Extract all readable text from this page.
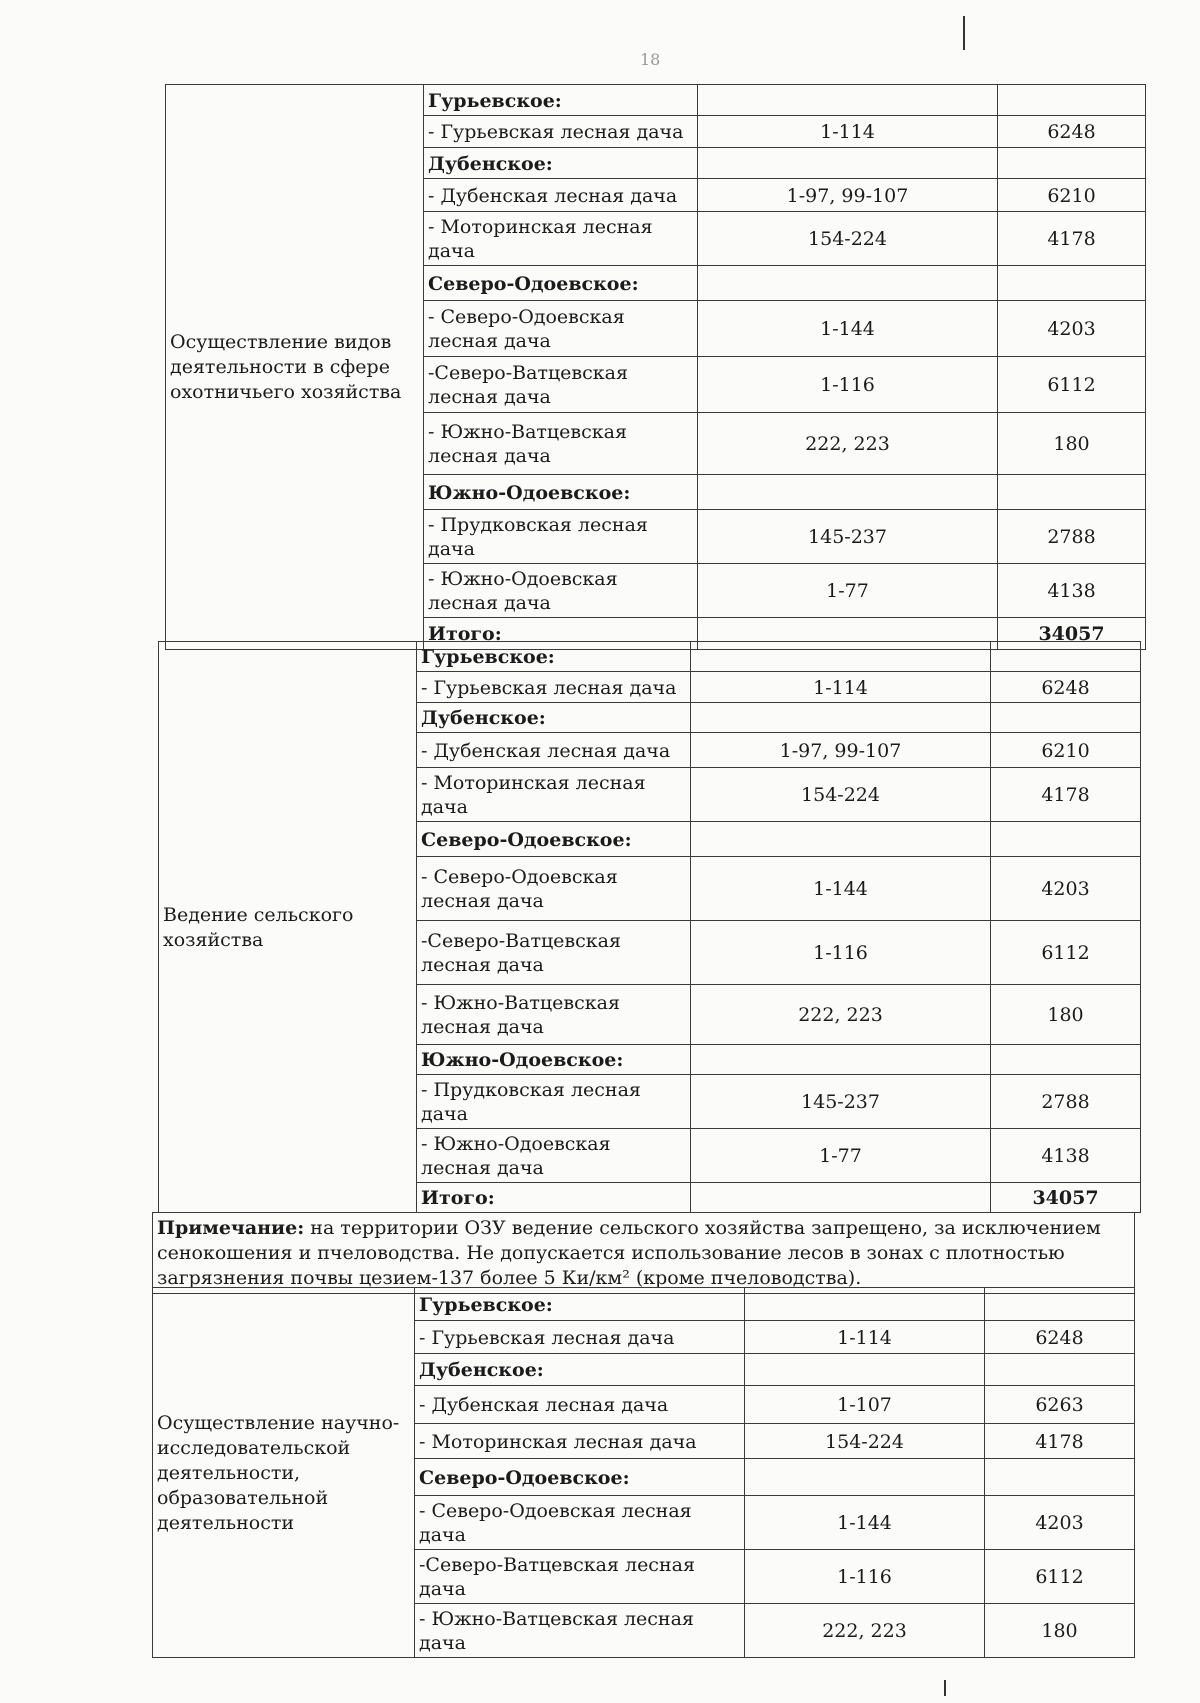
18
Осуществление видов деятельности в сфере охотничьего хозяйства	Гурьевское:		
	- Гурьевская лесная дача	1-114	6248
	Дубенское:		
	- Дубенская лесная дача	1-97, 99-107	6210
	- Моторинская лесная дача	154-224	4178
	Северо-Одоевское:		
	- Северо-Одоевская лесная дача	1-144	4203
	-Северо-Ватцевская лесная дача	1-116	6112
	- Южно-Ватцевская лесная дача	222, 223	180
	Южно-Одоевское:		
	- Прудковская лесная дача	145-237	2788
	- Южно-Одоевская лесная дача	1-77	4138
	Итого:		34057
Ведение сельского хозяйства	Гурьевское:		
	- Гурьевская лесная дача	1-114	6248
	Дубенское:		
	- Дубенская лесная дача	1-97, 99-107	6210
	- Моторинская лесная дача	154-224	4178
	Северо-Одоевское:		
	- Северо-Одоевская лесная дача	1-144	4203
	-Северо-Ватцевская лесная дача	1-116	6112
	- Южно-Ватцевская лесная дача	222, 223	180
	Южно-Одоевское:		
	- Прудковская лесная дача	145-237	2788
	- Южно-Одоевская лесная дача	1-77	4138
	Итого:		34057
Примечание: на территории ОЗУ ведение сельского хозяйства запрещено, за исключением сенокошения и пчеловодства. Не допускается использование лесов в зонах с плотностью загрязнения почвы цезием-137 более 5 Ки/км² (кроме пчеловодства).
Осуществление научно-исследовательской деятельности, образовательной деятельности	Гурьевское:		
	- Гурьевская лесная дача	1-114	6248
	Дубенское:		
	- Дубенская лесная дача	1-107	6263
	- Моторинская лесная дача	154-224	4178
	Северо-Одоевское:		
	- Северо-Одоевская лесная дача	1-144	4203
	-Северо-Ватцевская лесная дача	1-116	6112
	- Южно-Ватцевская лесная дача	222, 223	180
